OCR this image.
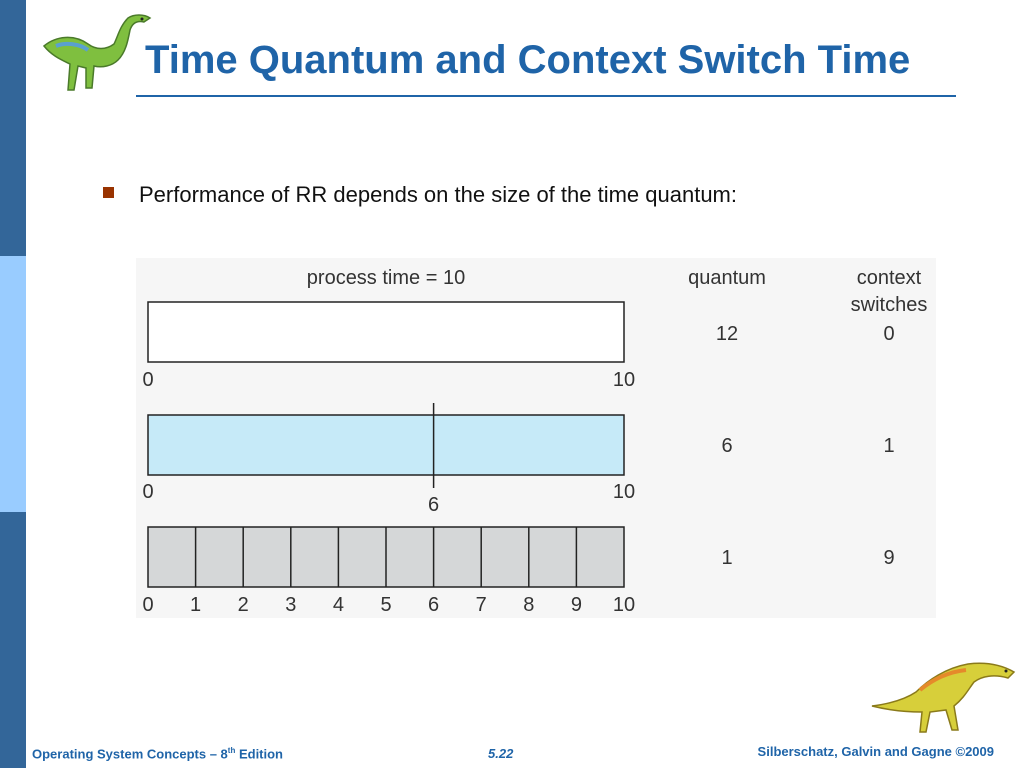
Time Quantum and Context Switch Time
Performance of RR depends on the size of the time quantum:
process time = 10	quantum	context
switches
0	10
12	0
0
6
10
6	1
0 1 2 3 4 5 6 7 8 9 10
1	9
Operating System Concepts – 8th Edition	5.22	Silberschatz, Galvin and Gagne ©2009
